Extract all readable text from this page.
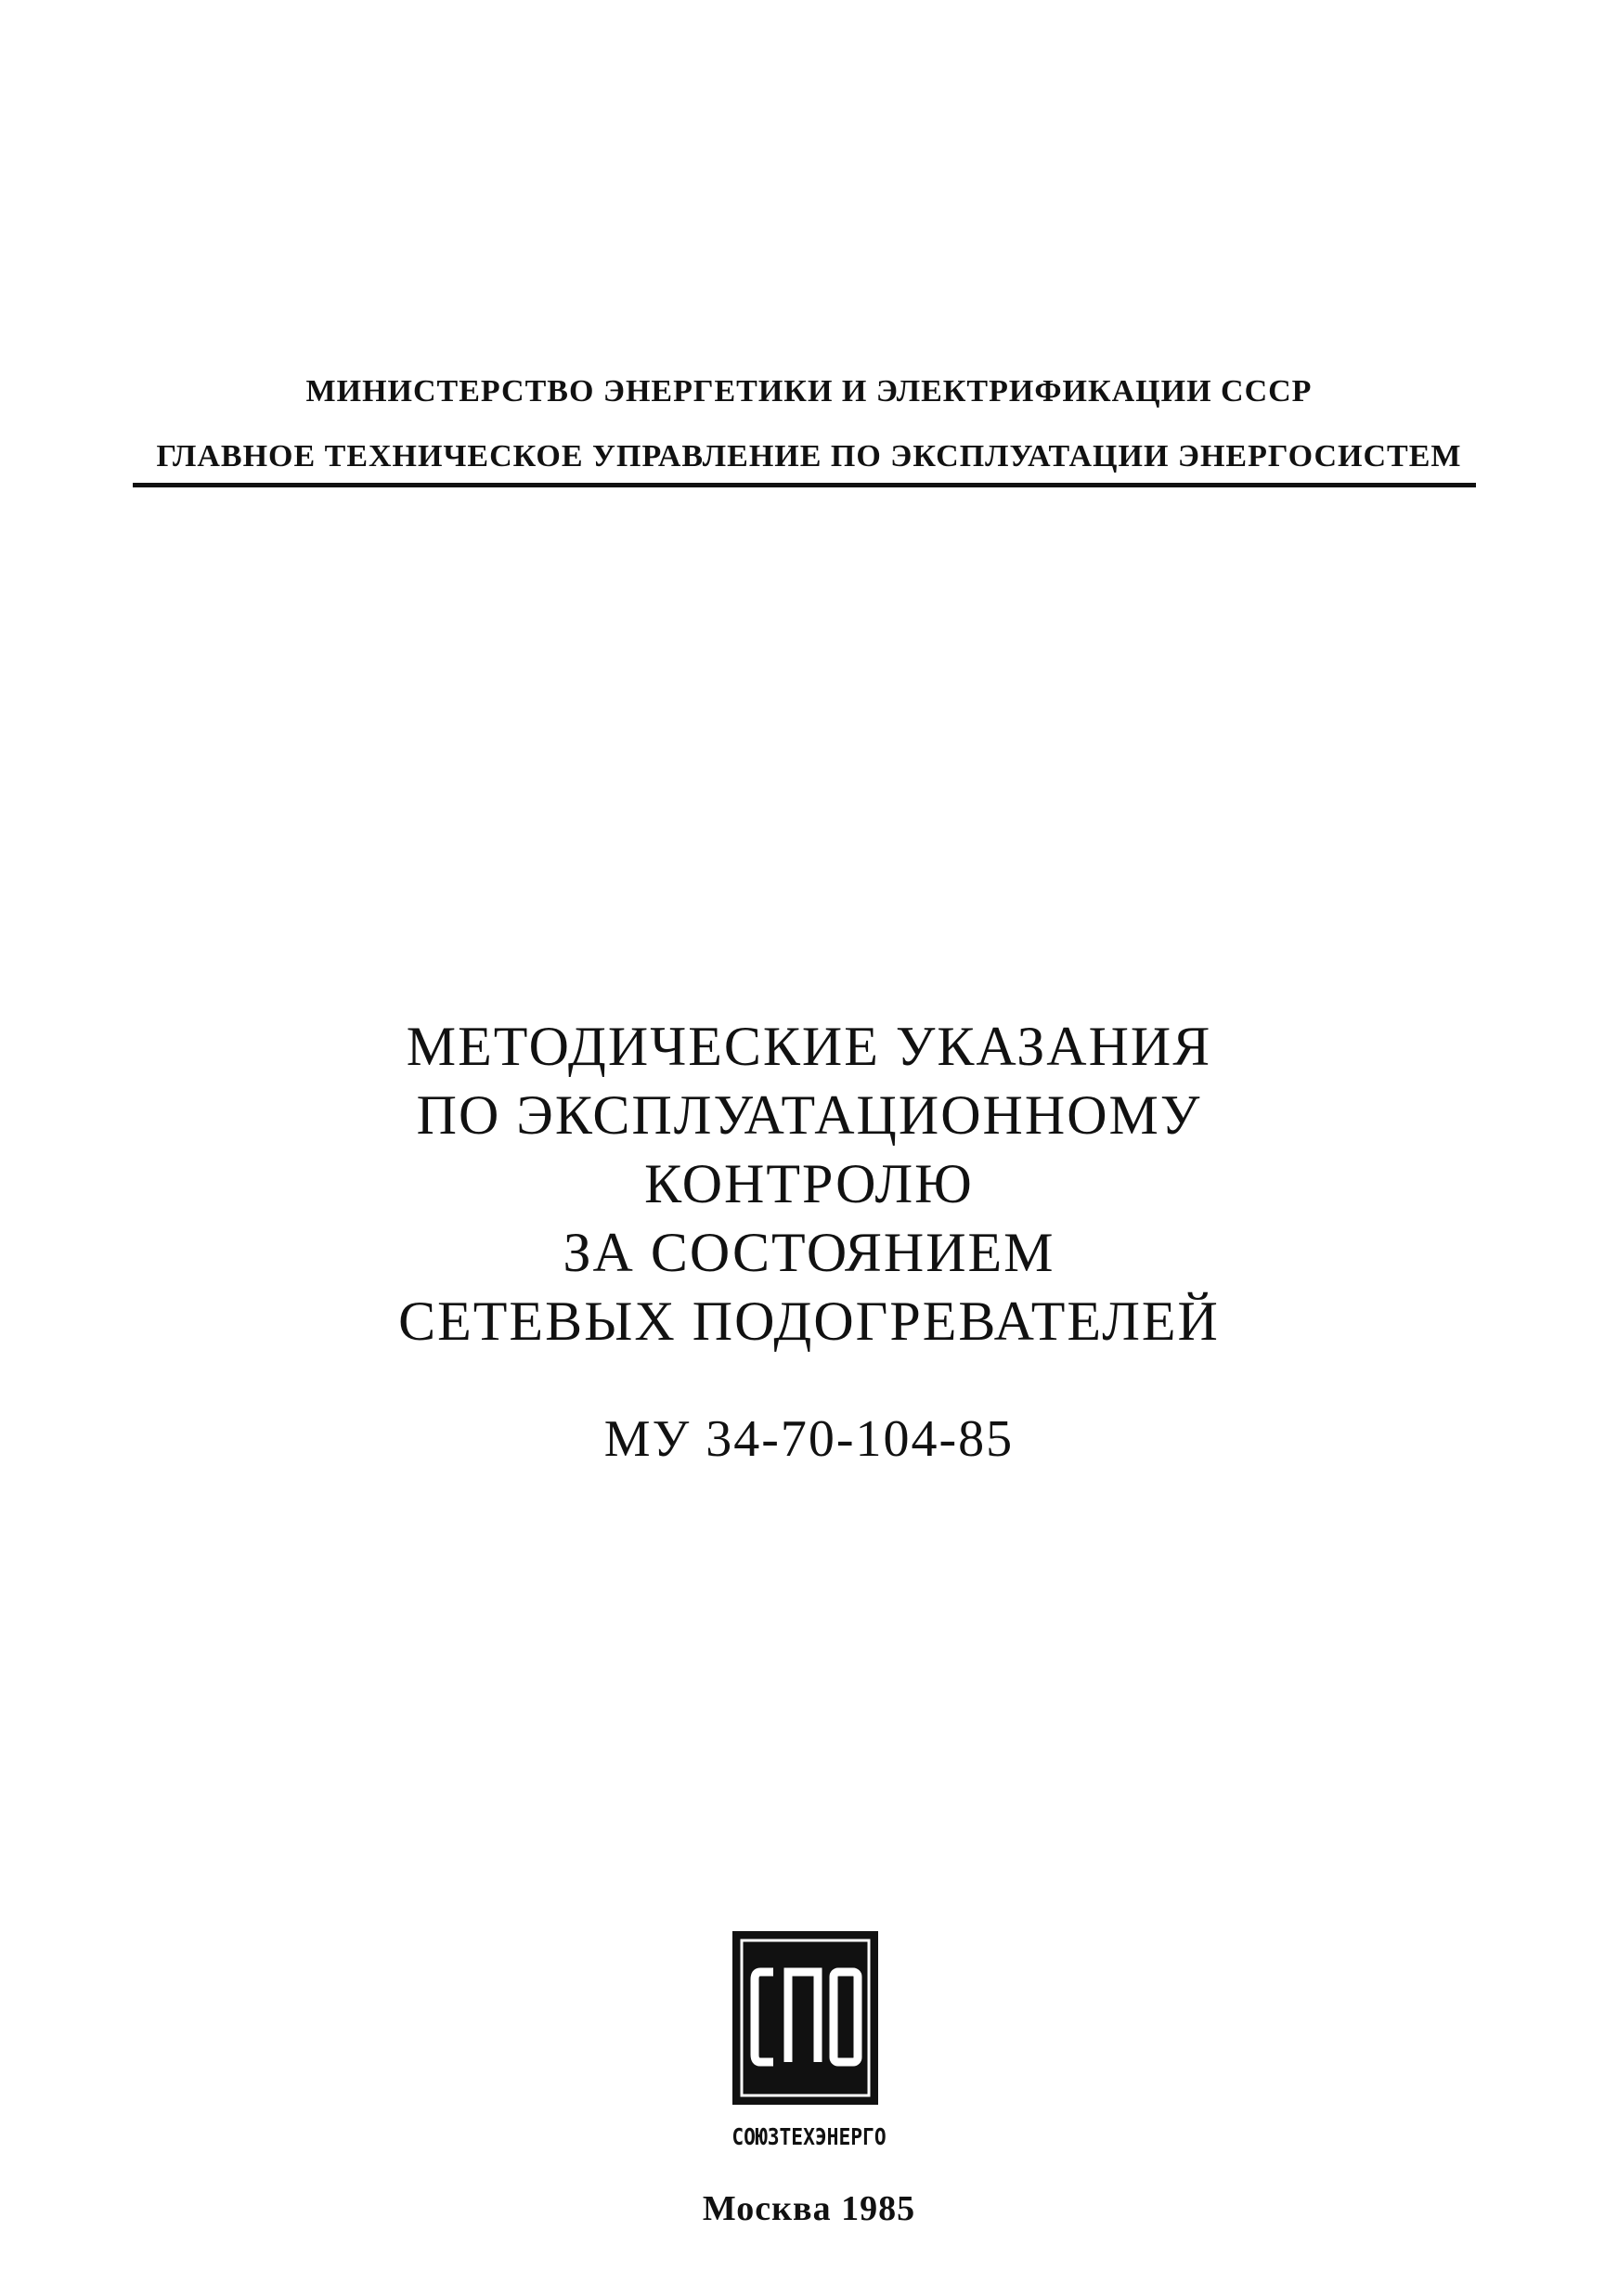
МИНИСТЕРСТВО ЭНЕРГЕТИКИ И ЭЛЕКТРИФИКАЦИИ СССР
ГЛАВНОЕ ТЕХНИЧЕСКОЕ УПРАВЛЕНИЕ ПО ЭКСПЛУАТАЦИИ ЭНЕРГОСИСТЕМ
МЕТОДИЧЕСКИЕ УКАЗАНИЯ
ПО ЭКСПЛУАТАЦИОННОМУ
КОНТРОЛЮ
ЗА СОСТОЯНИЕМ
СЕТЕВЫХ ПОДОГРЕВАТЕЛЕЙ
МУ 34-70-104-85
СОЮЗТЕХЭНЕРГО
Москва 1985
